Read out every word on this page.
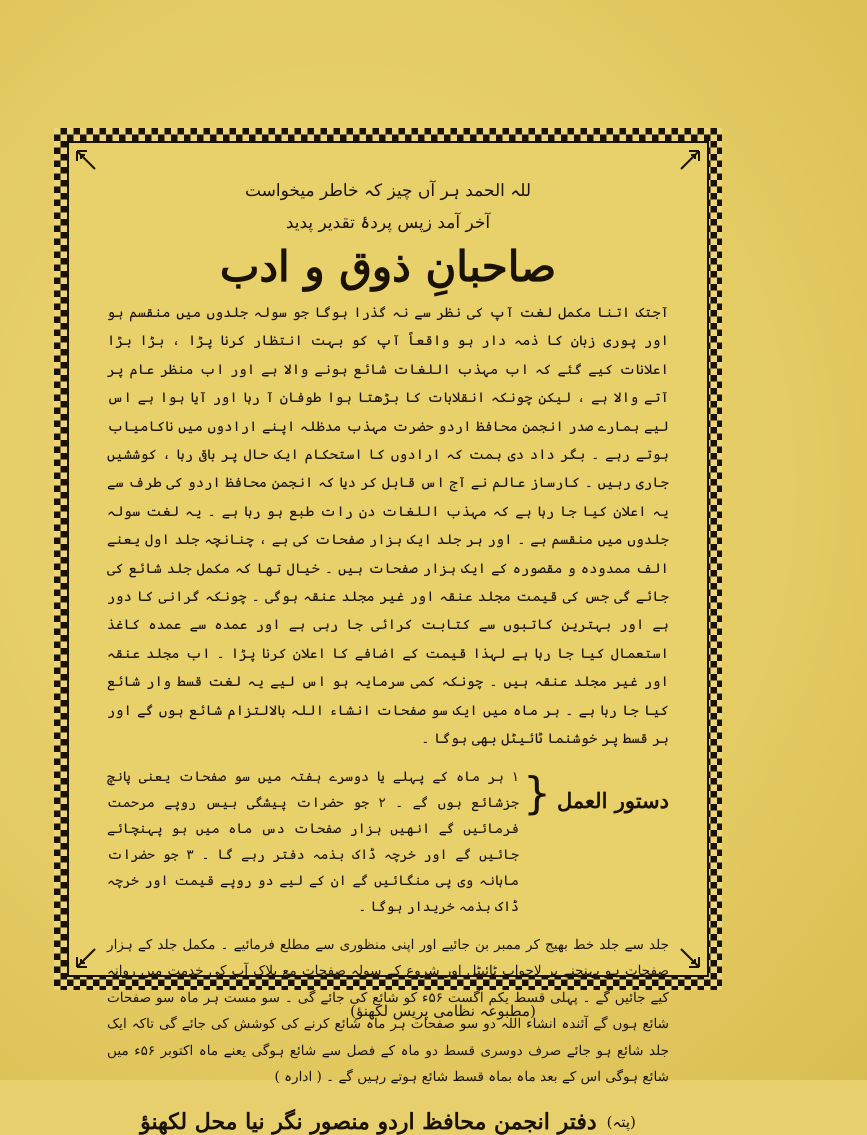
للہ الحمد ہر آں چیز کہ خاطر میخواست

آخر آمد زپس پردۂ تقدیر پدید

صاحبانِ ذوق و ادب

آجتک اتنا مکمل لغت آپ کی نظر سے نہ گذرا ہوگا جو سولہ جلدوں میں منقسم ہو اور پوری زبان کا ذمہ دار ہو واقعاً آپ کو بہت انتظار کرنا پڑا ، بڑا بڑا اعلانات کیے گئے کہ اب مہذب اللغات شائع ہونے والا ہے اور اب منظر عام پر آتے والا ہے ، لیکن چونکہ انقلابات کا بڑھتا ہوا طوفان آ رہا اور آیا ہوا ہے اس لیے ہمارے صدر انجمن محافظ اردو حضرت مہذب مدظلہ اپنے ارادوں میں ناکامیاب ہوتے رہے ۔ بگر داد دی ہمت کہ ارادوں کا استحکام ایک حال پر باقی رہا ، کوششیں جاری رہیں ۔ کارساز عالم نے آج اس قابل کر دیا کہ انجمن محافظ اردو کی طرف سے یہ اعلان کیا جا رہا ہے کہ مہذب اللغات دن رات طبع ہو رہا ہے ۔ یہ لغت سولہ جلدوں میں منقسم ہے ۔ اور ہر جلد ایک ہزار صفحات کی ہے ، چنانچہ جلد اول یعنے الف ممدودہ و مقصورہ کے ایک ہزار صفحات ہیں ۔ خیال تھا کہ مکمل جلد شائع کی جائے گی جس کی قیمت مجلد عنقہ اور غیر مجلد عنقہ ہوگی ۔ چونکہ گرانی کا دور ہے اور بہترین کاتبوں سے کتابت کرائی جا رہی ہے اور عمدہ سے عمدہ کاغذ استعمال کیا جا رہا ہے لہذا قیمت کے اضافے کا اعلان کرنا پڑا ۔ اب مجلد عنقہ اور غیر مجلد عنقہ ہیں ۔ چونکہ کمی سرمایہ ہو اس لیے یہ لغت قسط وار شائع کیا جا رہا ہے ۔ ہر ماہ میں ایک سو صفحات انشاء اللہ بالالتزام شائع ہوں گے اور ہر قسط پر خوشنما ٹائیٹل بھی ہوگا ۔

دستور العمل
{
۱ ہر ماہ کے پہلے یا دوسرے ہفتہ میں سو صفحات یعنی پانچ جزشائع ہوں گے ۔ ۲ جو حضرات پیشگی بیس روپے مرحمت فرمائیں گے انھیں ہزار صفحات دس ماہ میں ہو پہنچائے جائیں گے اور خرچہ ڈاک بذمہ دفتر رہے گا ۔ ۳ جو حضرات ماہانہ وی پی منگائیں گے ان کے لیے دو روپے قیمت اور خرچہ ڈاک بذمہ خریدار ہوگا ۔

جلد سے جلد خط بھیج کر ممبر بن جائیے اور اپنی منظوری سے مطلع فرمائیے ۔ مکمل جلد کے ہزار صفحات ہو پہنچنے پر لاجواب ٹائیٹل اور شروع کے سولہ صفحات مع بلاک آپ کی خدمت میں روانہ کیے جائیں گے ۔ پہلی قسط یکم اگست ۵۶ء کو شائع کی جائے گی ۔ سو مست ہر ماہ سو صفحات شائع ہوں گے آئندہ انشاء اللہ دو سو صفحات ہر ماہ شائع کرنے کی کوشش کی جائے گی تاکہ ایک جلد شائع ہو جائے صرف دوسری قسط دو ماہ کے فصل سے شائع ہوگی یعنے ماہ اکتوبر ۵۶ء میں شائع ہوگی اس کے بعد ماہ بماہ قسط شائع ہوتے رہیں گے ۔ ( ادارہ )

(پتہ)
دفتر انجمن محافظ اردو منصور نگر نیا محل لکھنؤ
(مطبوعہ نظامی پریس لکھنؤ)
